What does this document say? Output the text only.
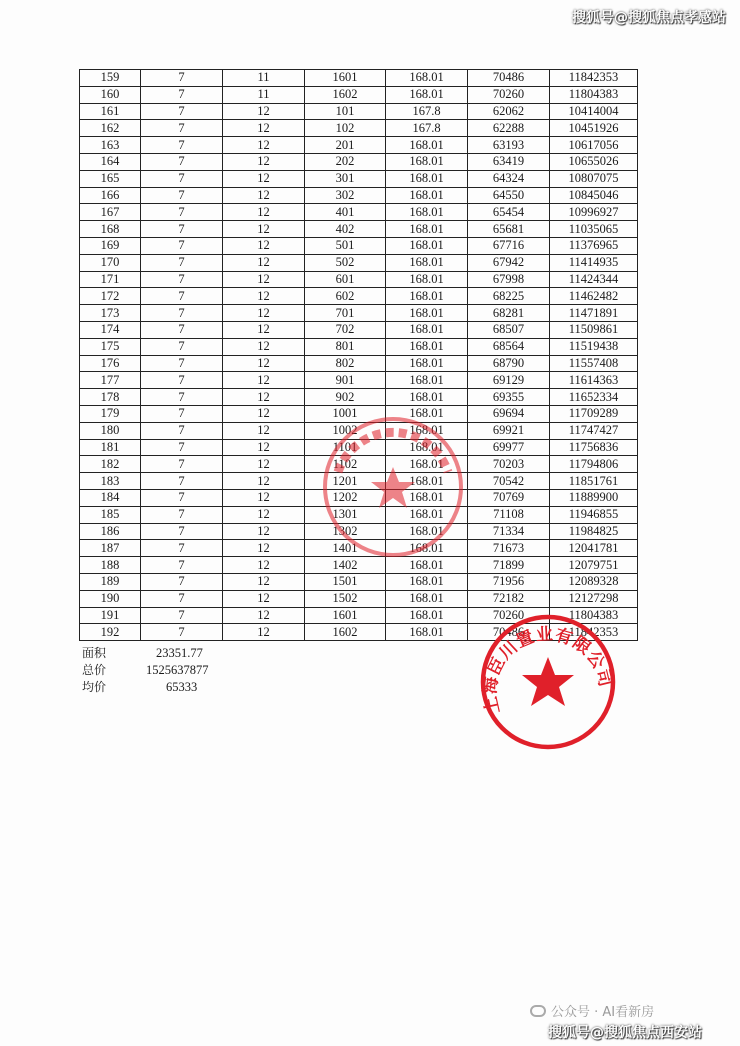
搜狐号@搜狐焦点孝感站
159	7	11	1601	168.01	70486	11842353
160	7	11	1602	168.01	70260	11804383
161	7	12	101	167.8	62062	10414004
162	7	12	102	167.8	62288	10451926
163	7	12	201	168.01	63193	10617056
164	7	12	202	168.01	63419	10655026
165	7	12	301	168.01	64324	10807075
166	7	12	302	168.01	64550	10845046
167	7	12	401	168.01	65454	10996927
168	7	12	402	168.01	65681	11035065
169	7	12	501	168.01	67716	11376965
170	7	12	502	168.01	67942	11414935
171	7	12	601	168.01	67998	11424344
172	7	12	602	168.01	68225	11462482
173	7	12	701	168.01	68281	11471891
174	7	12	702	168.01	68507	11509861
175	7	12	801	168.01	68564	11519438
176	7	12	802	168.01	68790	11557408
177	7	12	901	168.01	69129	11614363
178	7	12	902	168.01	69355	11652334
179	7	12	1001	168.01	69694	11709289
180	7	12	1002	168.01	69921	11747427
181	7	12	1101	168.01	69977	11756836
182	7	12	1102	168.01	70203	11794806
183	7	12	1201	168.01	70542	11851761
184	7	12	1202	168.01	70769	11889900
185	7	12	1301	168.01	71108	11946855
186	7	12	1302	168.01	71334	11984825
187	7	12	1401	168.01	71673	12041781
188	7	12	1402	168.01	71899	12079751
189	7	12	1501	168.01	71956	12089328
190	7	12	1502	168.01	72182	12127298
191	7	12	1601	168.01	70260	11804383
192	7	12	1602	168.01	70486	11842353
面积	23351.77
总价	1525637877
均价	65333
上海臣川置业有限公司
公众号 · AI看新房
搜狐号@搜狐焦点西安站
